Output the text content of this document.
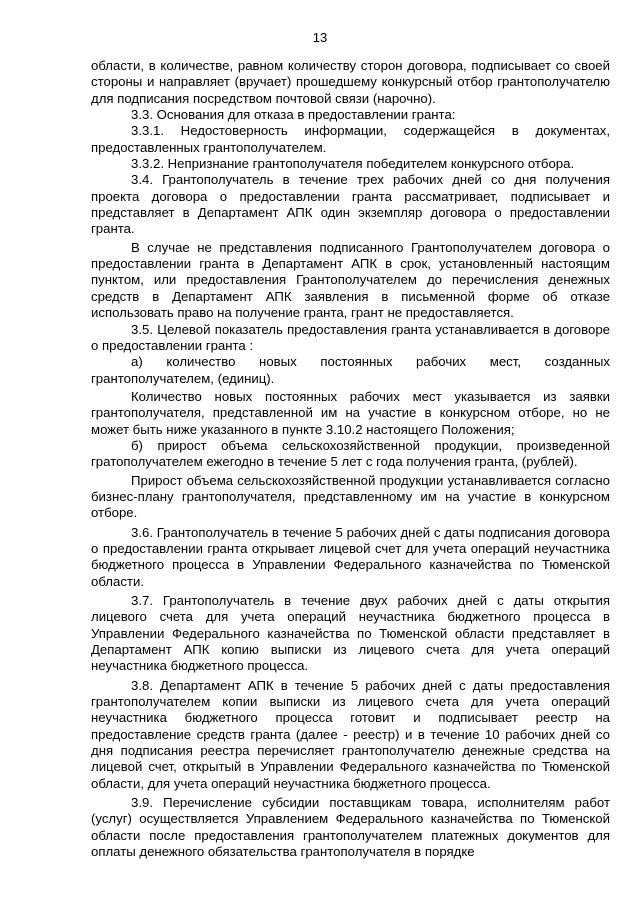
13

области, в количестве, равном количеству сторон договора, подписывает со своей стороны и направляет (вручает) прошедшему конкурсный отбор грантополучателю для подписания посредством почтовой связи (нарочно).

3.3. Основания для отказа в предоставлении гранта:

3.3.1. Недостоверность информации, содержащейся в документах, предоставленных грантополучателем.

3.3.2. Непризнание грантополучателя победителем конкурсного отбора.

3.4. Грантополучатель в течение трех рабочих дней со дня получения проекта договора о предоставлении гранта рассматривает, подписывает и представляет в Департамент АПК один экземпляр договора о предоставлении гранта.

В случае не представления подписанного Грантополучателем договора о предоставлении гранта в Департамент АПК в срок, установленный настоящим пунктом, или предоставления Грантополучателем до перечисления денежных средств в Департамент АПК заявления в письменной форме об отказе использовать право на получение гранта, грант не предоставляется.

3.5. Целевой показатель предоставления гранта устанавливается в договоре о предоставлении гранта :

а) количество новых постоянных рабочих мест, созданных грантополучателем, (единиц).

Количество новых постоянных рабочих мест указывается из заявки грантополучателя, представленной им на участие в конкурсном отборе, но не может быть ниже указанного в пункте 3.10.2 настоящего Положения;

б) прирост объема сельскохозяйственной продукции, произведенной гратополучателем ежегодно в течение 5 лет с года получения гранта, (рублей).

Прирост объема сельскохозяйственной продукции устанавливается согласно бизнес-плану грантополучателя, представленному им на участие в конкурсном отборе.

3.6. Грантополучатель в течение 5 рабочих дней с даты подписания договора о предоставлении гранта открывает лицевой счет для учета операций неучастника бюджетного процесса в Управлении Федерального казначейства по Тюменской области.

3.7. Грантополучатель в течение двух рабочих дней с даты открытия лицевого счета для учета операций неучастника бюджетного процесса в Управлении Федерального казначейства по Тюменской области представляет в Департамент АПК копию выписки из лицевого счета для учета операций неучастника бюджетного процесса.

3.8. Департамент АПК в течение 5 рабочих дней с даты предоставления грантополучателем копии выписки из лицевого счета для учета операций неучастника бюджетного процесса готовит и подписывает реестр на предоставление средств гранта (далее - реестр) и в течение 10 рабочих дней со дня подписания реестра перечисляет грантополучателю денежные средства на лицевой счет, открытый в Управлении Федерального казначейства по Тюменской области, для учета операций неучастника бюджетного процесса.

3.9. Перечисление субсидии поставщикам товара, исполнителям работ (услуг) осуществляется Управлением Федерального казначейства по Тюменской области после предоставления грантополучателем платежных документов для оплаты денежного обязательства грантополучателя в порядке
